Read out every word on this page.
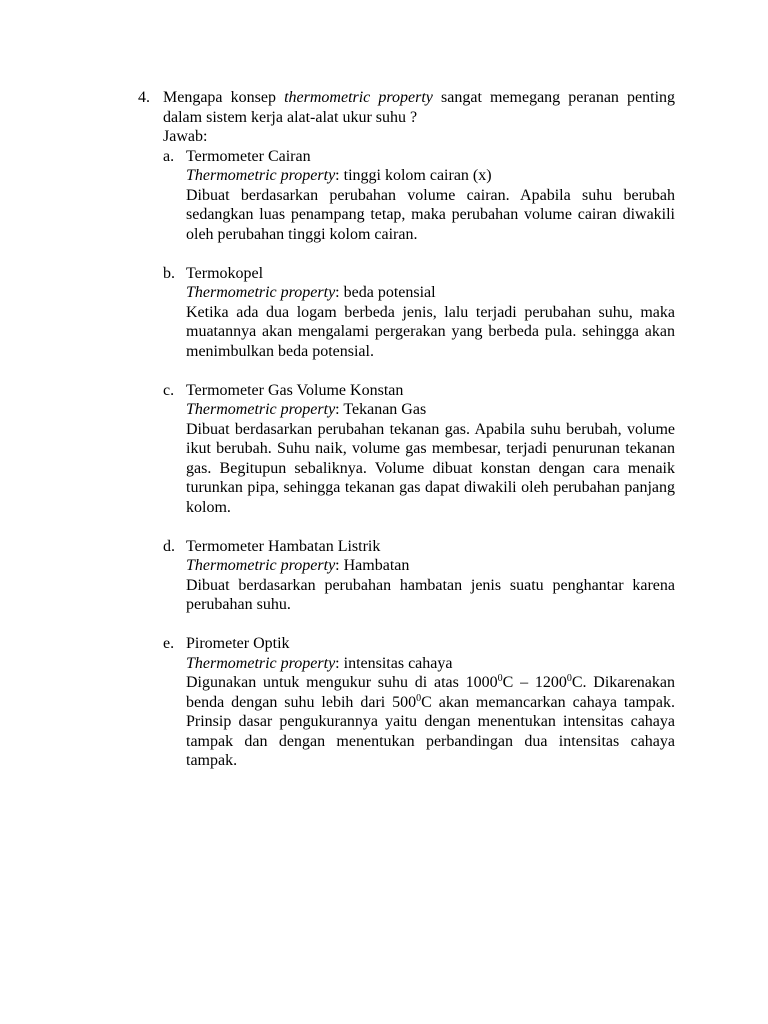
4. Mengapa konsep thermometric property sangat memegang peranan penting dalam sistem kerja alat-alat ukur suhu ?
Jawab:
a. Termometer Cairan
Thermometric property: tinggi kolom cairan (x)
Dibuat berdasarkan perubahan volume cairan. Apabila suhu berubah sedangkan luas penampang tetap, maka perubahan volume cairan diwakili oleh perubahan tinggi kolom cairan.
b. Termokopel
Thermometric property: beda potensial
Ketika ada dua logam berbeda jenis, lalu terjadi perubahan suhu, maka muatannya akan mengalami pergerakan yang berbeda pula. sehingga akan menimbulkan beda potensial.
c. Termometer Gas Volume Konstan
Thermometric property: Tekanan Gas
Dibuat berdasarkan perubahan tekanan gas. Apabila suhu berubah, volume ikut berubah. Suhu naik, volume gas membesar, terjadi penurunan tekanan gas. Begitupun sebaliknya. Volume dibuat konstan dengan cara menaik turunkan pipa, sehingga tekanan gas dapat diwakili oleh perubahan panjang kolom.
d. Termometer Hambatan Listrik
Thermometric property: Hambatan
Dibuat berdasarkan perubahan hambatan jenis suatu penghantar karena perubahan suhu.
e. Pirometer Optik
Thermometric property: intensitas cahaya
Digunakan untuk mengukur suhu di atas 1000$^0$C – 1200$^0$C. Dikarenakan benda dengan suhu lebih dari $500^0C$ akan memancarkan cahaya tampak. Prinsip dasar pengukurannya yaitu dengan menentukan intensitas cahaya tampak dan dengan menentukan perbandingan dua intensitas cahaya tampak.
